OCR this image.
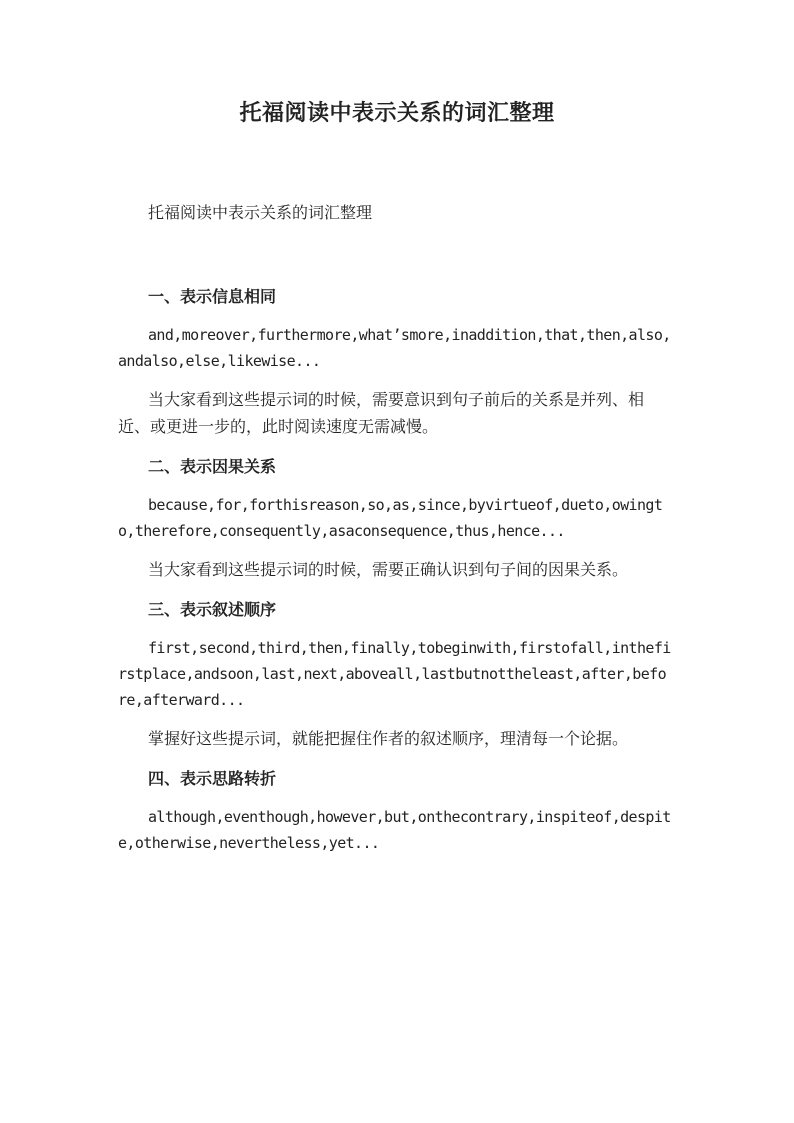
托福阅读中表示关系的词汇整理

托福阅读中表示关系的词汇整理

一、表示信息相同

and,moreover,furthermore,what’smore,inaddition,that,then,also,andalso,else,likewise...

当大家看到这些提示词的时候，需要意识到句子前后的关系是并列、相近、或更进一步的，此时阅读速度无需减慢。

二、表示因果关系

because,for,forthisreason,so,as,since,byvirtueof,dueto,owingto,therefore,consequently,asaconsequence,thus,hence...

当大家看到这些提示词的时候，需要正确认识到句子间的因果关系。

三、表示叙述顺序

first,second,third,then,finally,tobeginwith,firstofall,inthefirstplace,andsoon,last,next,aboveall,lastbutnottheleast,after,before,afterward...

掌握好这些提示词，就能把握住作者的叙述顺序，理清每一个论据。

四、表示思路转折

although,eventhough,however,but,onthecontrary,inspiteof,despite,otherwise,nevertheless,yet...
